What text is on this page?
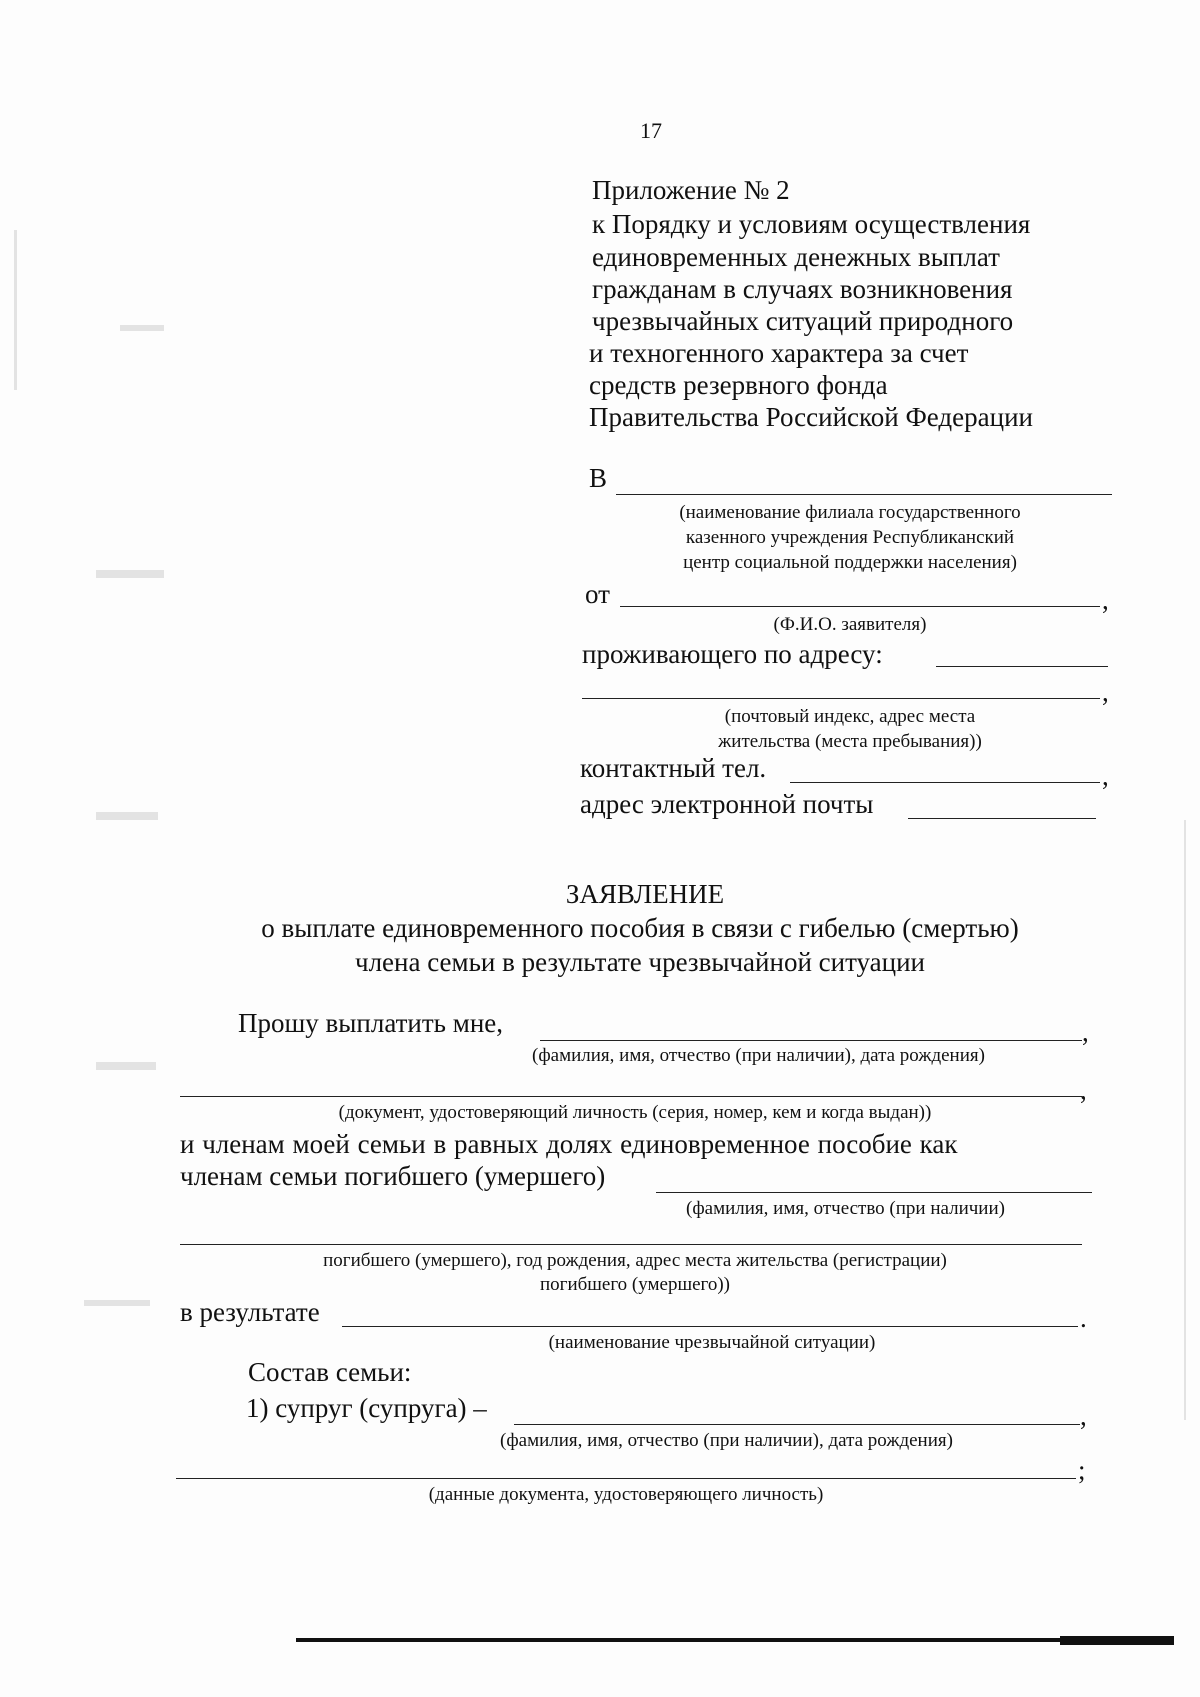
17
Приложение № 2
к Порядку и условиям осуществления
единовременных денежных выплат
гражданам в случаях возникновения
чрезвычайных ситуаций природного
и техногенного характера за счет
средств резервного фонда
Правительства Российской Федерации
В
(наименование филиала государственного
казенного учреждения Республиканский
центр социальной поддержки населения)
от	,
(Ф.И.О. заявителя)
проживающего по адресу:
,
(почтовый индекс, адрес места
жительства (места пребывания))
контактный тел.	,
адрес электронной почты
ЗАЯВЛЕНИЕ
о выплате единовременного пособия в связи с гибелью (смертью)
члена семьи в результате чрезвычайной ситуации
Прошу выплатить мне,	,
(фамилия, имя, отчество (при наличии), дата рождения)
,
(документ, удостоверяющий личность (серия, номер, кем и когда выдан))
и членам моей семьи в равных долях единовременное пособие как
членам семьи погибшего (умершего)
(фамилия, имя, отчество (при наличии)
погибшего (умершего), год рождения, адрес места жительства (регистрации)
погибшего (умершего))
в результате	.
(наименование чрезвычайной ситуации)
Состав семьи:
1) супруг (супруга) –	,
(фамилия, имя, отчество (при наличии), дата рождения)
;
(данные документа, удостоверяющего личность)
